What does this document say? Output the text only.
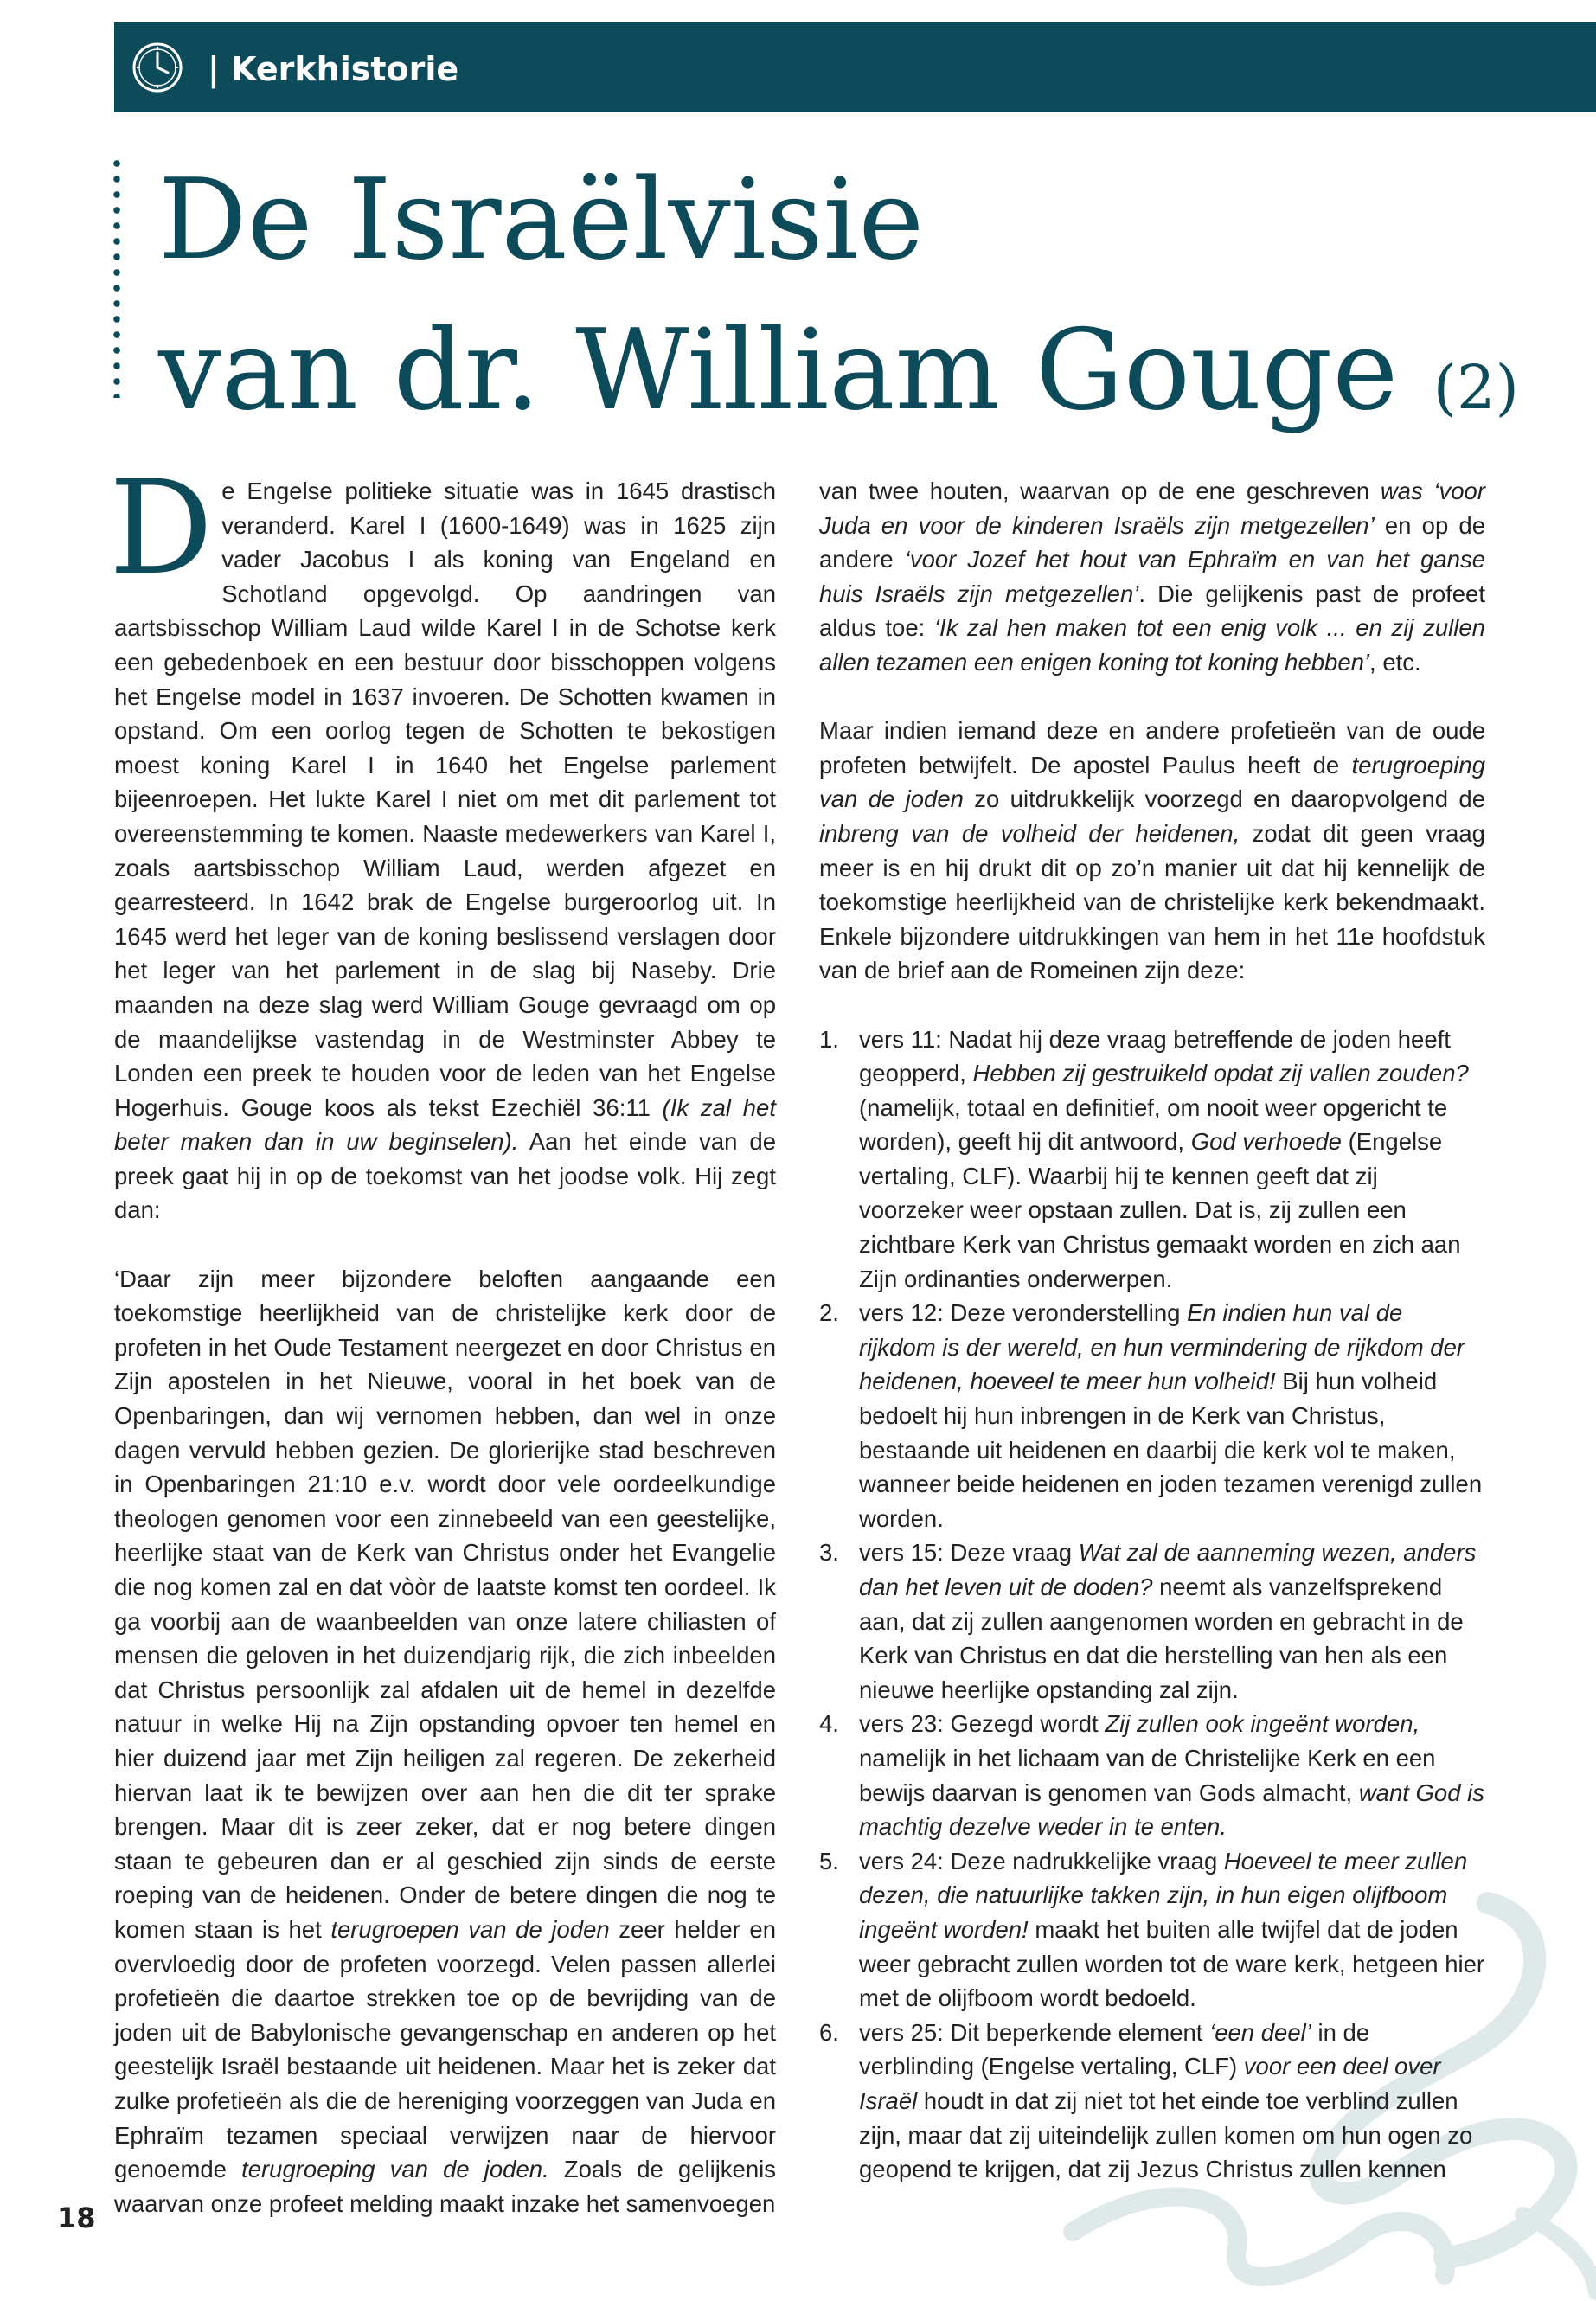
| Kerkhistorie
De Israëlvisie
van dr. William Gouge (2)

De Engelse politieke situatie was in 1645 drastisch veranderd. Karel I (1600-1649) was in 1625 zijn vader Jacobus I als koning van Engeland en Schotland opgevolgd. Op aandringen van aartsbisschop William Laud wilde Karel I in de Schotse kerk een gebedenboek en een bestuur door bisschoppen volgens het Engelse model in 1637 invoeren. De Schotten kwamen in opstand. Om een oorlog tegen de Schotten te bekostigen moest koning Karel I in 1640 het Engelse parlement bijeenroepen. Het lukte Karel I niet om met dit parlement tot overeenstemming te komen. Naaste medewerkers van Karel I, zoals aartsbisschop William Laud, werden afgezet en gearresteerd. In 1642 brak de Engelse burgeroorlog uit. In 1645 werd het leger van de koning beslissend verslagen door het leger van het parlement in de slag bij Naseby. Drie maanden na deze slag werd William Gouge gevraagd om op de maandelijkse vastendag in de Westminster Abbey te Londen een preek te houden voor de leden van het Engelse Hogerhuis. Gouge koos als tekst Ezechiël 36:11 (Ik zal het beter maken dan in uw beginselen). Aan het einde van de preek gaat hij in op de toekomst van het joodse volk. Hij zegt dan:

‘Daar zijn meer bijzondere beloften aangaande een toekomstige heerlijkheid van de christelijke kerk door de profeten in het Oude Testament neergezet en door Christus en Zijn apostelen in het Nieuwe, vooral in het boek van de Openbaringen, dan wij vernomen hebben, dan wel in onze dagen vervuld hebben gezien. De glorierijke stad beschreven in Openbaringen 21:10 e.v. wordt door vele oordeelkundige theologen genomen voor een zinnebeeld van een geestelijke, heerlijke staat van de Kerk van Christus onder het Evangelie die nog komen zal en dat vòòr de laatste komst ten oordeel. Ik ga voorbij aan de waanbeelden van onze latere chiliasten of mensen die geloven in het duizendjarig rijk, die zich inbeelden dat Christus persoonlijk zal afdalen uit de hemel in dezelfde natuur in welke Hij na Zijn opstanding opvoer ten hemel en hier duizend jaar met Zijn heiligen zal regeren. De zekerheid hiervan laat ik te bewijzen over aan hen die dit ter sprake brengen. Maar dit is zeer zeker, dat er nog betere dingen staan te gebeuren dan er al geschied zijn sinds de eerste roeping van de heidenen. Onder de betere dingen die nog te komen staan is het terugroepen van de joden zeer helder en overvloedig door de profeten voorzegd. Velen passen allerlei profetieën die daartoe strekken toe op de bevrijding van de joden uit de Babylonische gevangenschap en anderen op het geestelijk Israël bestaande uit heidenen. Maar het is zeker dat zulke profetieën als die de hereniging voorzeggen van Juda en Ephraïm tezamen speciaal verwijzen naar de hiervoor genoemde terugroeping van de joden. Zoals de gelijkenis waarvan onze profeet melding maakt inzake het samenvoegen

van twee houten, waarvan op de ene geschreven was ‘voor Juda en voor de kinderen Israëls zijn metgezellen’ en op de andere ‘voor Jozef het hout van Ephraïm en van het ganse huis Israëls zijn metgezellen’. Die gelijkenis past de profeet aldus toe: ‘Ik zal hen maken tot een enig volk ... en zij zullen allen tezamen een enigen koning tot koning hebben’, etc.

Maar indien iemand deze en andere profetieën van de oude profeten betwijfelt. De apostel Paulus heeft de terugroeping van de joden zo uitdrukkelijk voorzegd en daaropvolgend de inbreng van de volheid der heidenen, zodat dit geen vraag meer is en hij drukt dit op zo’n manier uit dat hij kennelijk de toekomstige heerlijkheid van de christelijke kerk bekendmaakt. Enkele bijzondere uitdrukkingen van hem in het 11e hoofdstuk van de brief aan de Romeinen zijn deze:

1. vers 11: Nadat hij deze vraag betreffende de joden heeft geopperd, Hebben zij gestruikeld opdat zij vallen zouden? (namelijk, totaal en definitief, om nooit weer opgericht te worden), geeft hij dit antwoord, God verhoede (Engelse vertaling, CLF). Waarbij hij te kennen geeft dat zij voorzeker weer opstaan zullen. Dat is, zij zullen een zichtbare Kerk van Christus gemaakt worden en zich aan Zijn ordinanties onderwerpen.
2. vers 12: Deze veronderstelling En indien hun val de rijkdom is der wereld, en hun vermindering de rijkdom der heidenen, hoeveel te meer hun volheid! Bij hun volheid bedoelt hij hun inbrengen in de Kerk van Christus, bestaande uit heidenen en daarbij die kerk vol te maken, wanneer beide heidenen en joden tezamen verenigd zullen worden.
3. vers 15: Deze vraag Wat zal de aanneming wezen, anders dan het leven uit de doden? neemt als vanzelfsprekend aan, dat zij zullen aangenomen worden en gebracht in de Kerk van Christus en dat die herstelling van hen als een nieuwe heerlijke opstanding zal zijn.
4. vers 23: Gezegd wordt Zij zullen ook ingeënt worden, namelijk in het lichaam van de Christelijke Kerk en een bewijs daarvan is genomen van Gods almacht, want God is machtig dezelve weder in te enten.
5. vers 24: Deze nadrukkelijke vraag Hoeveel te meer zullen dezen, die natuurlijke takken zijn, in hun eigen olijfboom ingeënt worden! maakt het buiten alle twijfel dat de joden weer gebracht zullen worden tot de ware kerk, hetgeen hier met de olijfboom wordt bedoeld.
6. vers 25: Dit beperkende element ‘een deel’ in de verblinding (Engelse vertaling, CLF) voor een deel over Israël houdt in dat zij niet tot het einde toe verblind zullen zijn, maar dat zij uiteindelijk zullen komen om hun ogen zo geopend te krijgen, dat zij Jezus Christus zullen kennen
18
